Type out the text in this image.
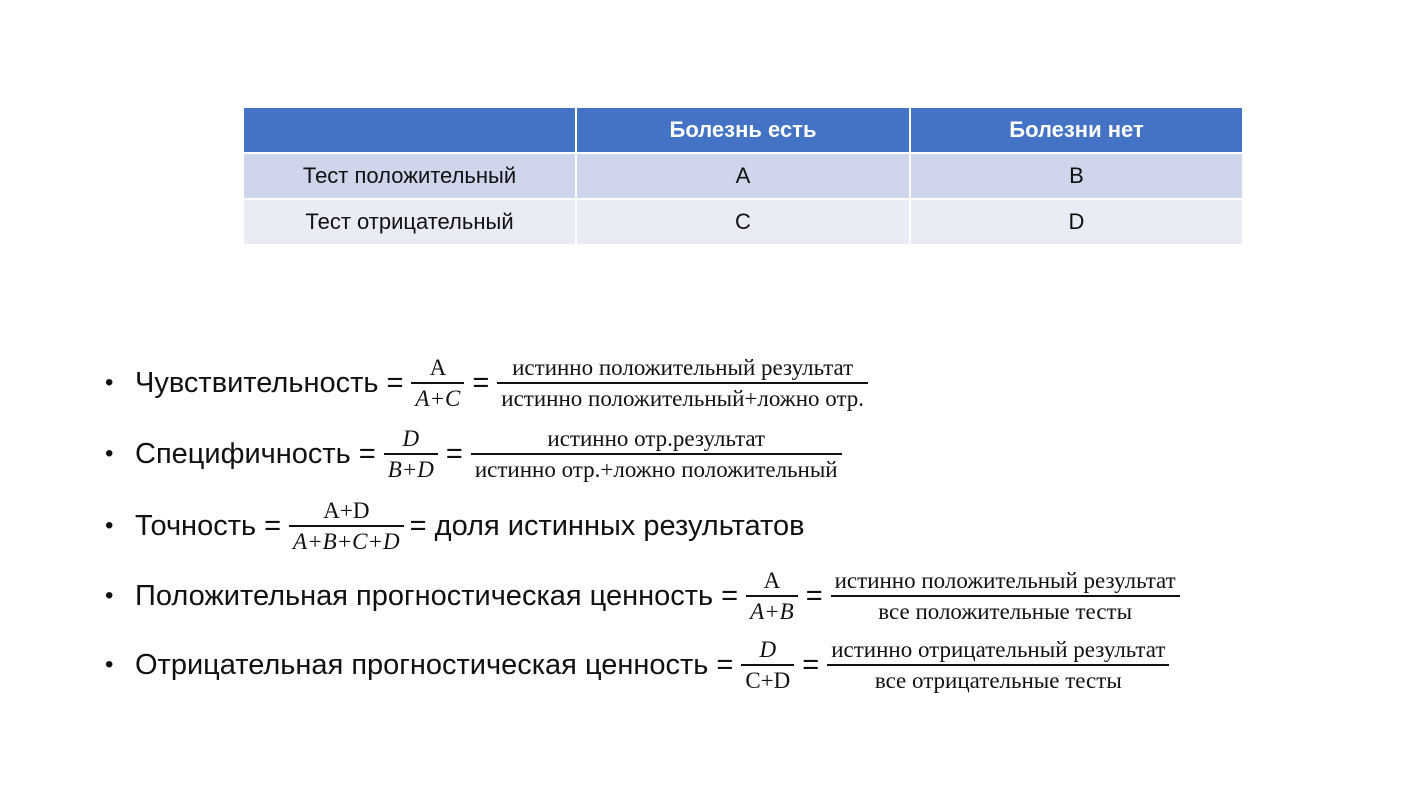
	Болезнь есть	Болезни нет
Тест положительный	A	B
Тест отрицательный	C	D
• Чувствительность = $\frac{A}{A+C} = \frac{\text{истинно положительный результат}}{\text{истинно положительный+ложно отр.}}$
• Специфичность = $\frac{D}{B+D} = \frac{\text{истинно отр.результат}}{\text{истинно отр.+ложно положительный}}$
• Точность = $\frac{A+D}{A+B+C+D}$ = доля истинных результатов
• Положительная прогностическая ценность = $\frac{A}{A+B} = \frac{\text{истинно положительный результат}}{\text{все положительные тесты}}$
• Отрицательная прогностическая ценность = $\frac{D}{C+D} = \frac{\text{истинно отрицательный результат}}{\text{все отрицательные тесты}}$
